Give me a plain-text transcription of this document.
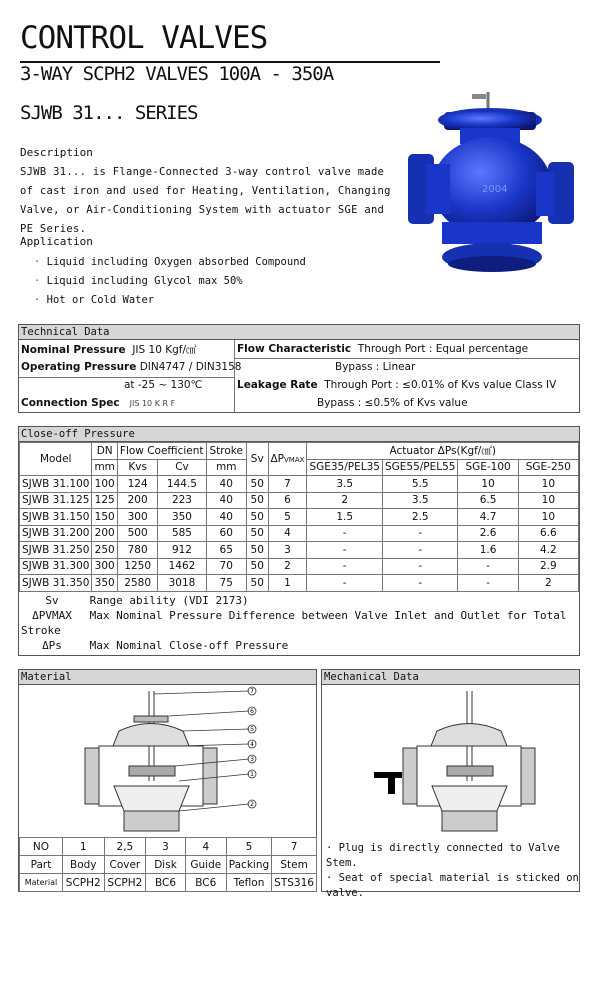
CONTROL VALVES
3-WAY SCPH2 VALVES 100A - 350A
SJWB 31... SERIES
Description
SJWB 31... is Flange-Connected 3-way control valve made of cast iron and used for Heating, Ventilation, Changing Valve, or Air-Conditioning System with actuator SGE and PE Series.
Application
· Liquid including Oxygen absorbed Compound
· Liquid including Glycol max 50%
· Hot or Cold Water
2004
Technical Data
Nominal Pressure JIS 10 Kgf/㎠
Operating Pressure DIN4747 / DIN3158
at -25 ~ 130℃
Connection Spec JIS 10 K R F
Flow Characteristic Through Port : Equal percentage
Bypass : Linear
Leakage Rate Through Port : ≤0.01% of Kvs value Class IV
Bypass : ≤0.5% of Kvs value
Close-off Pressure
Model	DN	Flow Coefficient		Stroke	Sv	ΔPVMAX	Actuator ΔPs(Kgf/㎠)			
	mm	Kvs	Cv	mm			SGE35/PEL35	SGE55/PEL55	SGE-100	SGE-250
SJWB 31.100	100	124	144.5	40	50	7	3.5	5.5	10	10
SJWB 31.125	125	200	223	40	50	6	2	3.5	6.5	10
SJWB 31.150	150	300	350	40	50	5	1.5	2.5	4.7	10
SJWB 31.200	200	500	585	60	50	4	-	-	2.6	6.6
SJWB 31.250	250	780	912	65	50	3	-	-	1.6	4.2
SJWB 31.300	300	1250	1462	70	50	2	-	-	-	2.9
SJWB 31.350	350	2580	3018	75	50	1	-	-	-	2
Sv	Range ability (VDI 2173)
ΔPVMAX Max Nominal Pressure Difference between Valve Inlet and Outlet for Total Stroke
ΔPs	Max Nominal Close-off Pressure
Material
7
6
5
4
3
1
2
NO	1	2,5	3	4	5	7
Part	Body	Cover	Disk	Guide	Packing	Stem
Material	SCPH2	SCPH2	BC6	BC6	Teflon	STS316
Mechanical Data
· Plug is directly connected to Valve Stem.
· Seat of special material is sticked on valve.
